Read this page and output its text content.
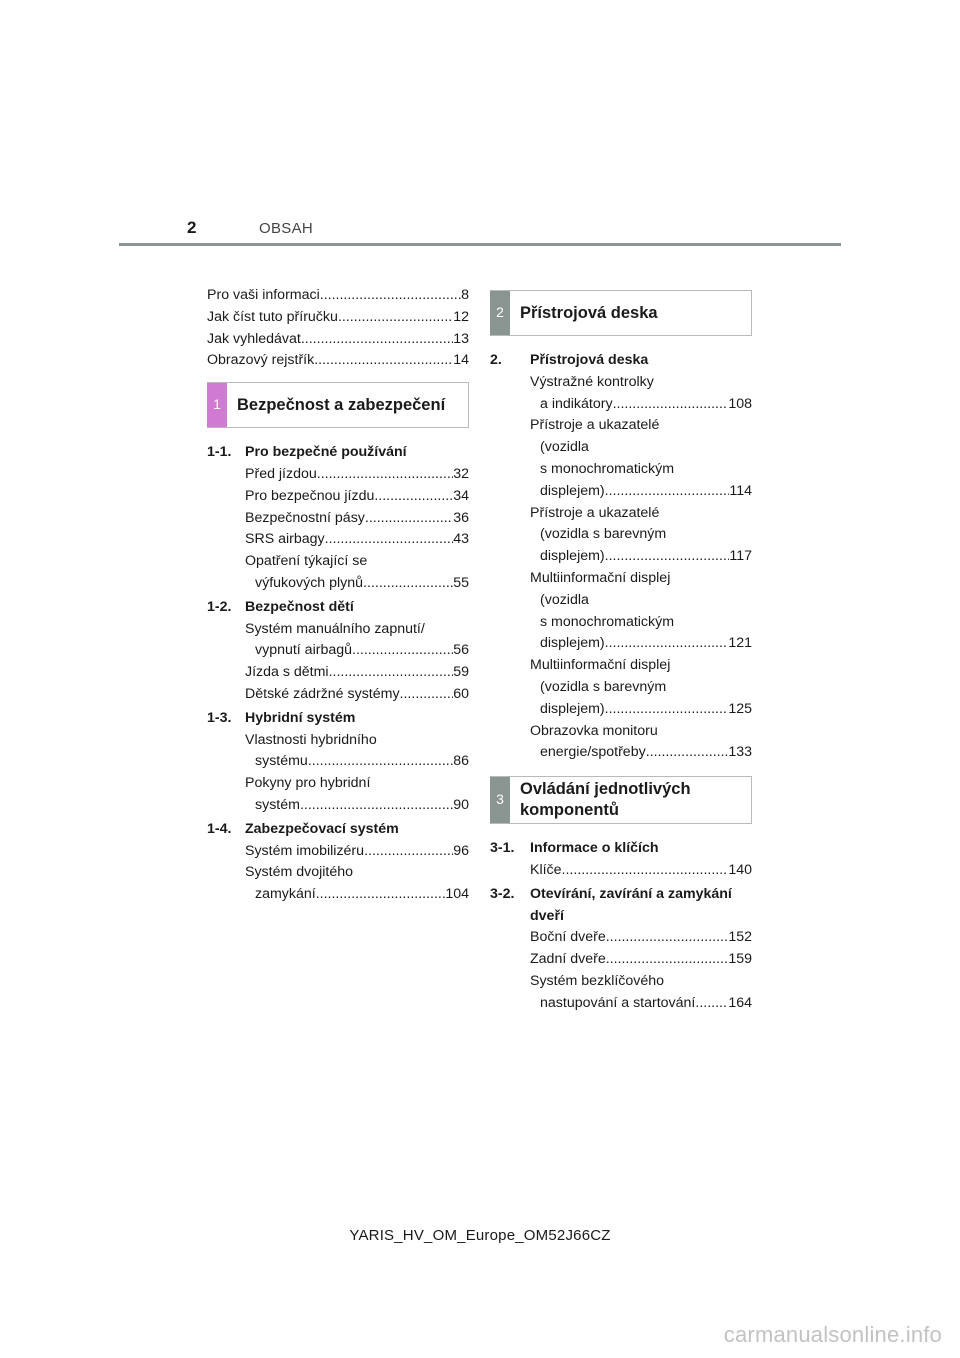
2	OBSAH
Pro vaši informaci .....	8
Jak číst tuto příručku .....	12
Jak vyhledávat .....	13
Obrazový rejstřík .....	14
1 Bezpečnost a zabezpečení
1-1. Pro bezpečné používání
Před jízdou .....	32
Pro bezpečnou jízdu .....	34
Bezpečnostní pásy .....	36
SRS airbagy .....	43
Opatření týkající se
výfukových plynů .....	55
1-2. Bezpečnost dětí
Systém manuálního zapnutí/
vypnutí airbagů .....	56
Jízda s dětmi .....	59
Dětské zádržné systémy .....	60
1-3. Hybridní systém
Vlastnosti hybridního
systému .....	86
Pokyny pro hybridní
systém .....	90
1-4. Zabezpečovací systém
Systém imobilizéru .....	96
Systém dvojitého
zamykání .....	104
2 Přístrojová deska
2.	Přístrojová deska
Výstražné kontrolky
a indikátory .....	108
Přístroje a ukazatelé
(vozidla
s monochromatickým
displejem) .....	114
Přístroje a ukazatelé
(vozidla s barevným
displejem) .....	117
Multiinformační displej
(vozidla
s monochromatickým
displejem) .....	121
Multiinformační displej
(vozidla s barevným
displejem) .....	125
Obrazovka monitoru
energie/spotřeby .....	133
3
Ovládání jednotlivých
komponentů
3-1.	Informace o klíčích
Klíče .....	140
3-2.	Otevírání, zavírání a zamykání dveří
Boční dveře .....	152
Zadní dveře .....	159
Systém bezklíčového
nastupování a startování ..... 164
YARIS_HV_OM_Europe_OM52J66CZ
carmanualsonline.info
